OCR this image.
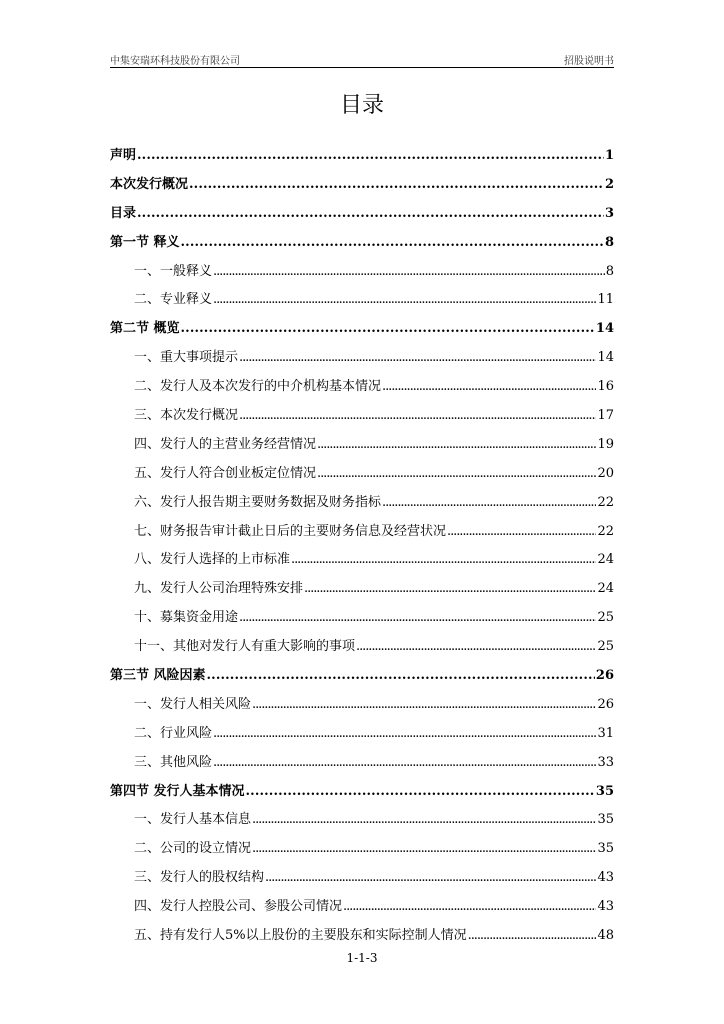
中集安瑞环科技股份有限公司	招股说明书
目录
声明 . . .	1
本次发行概况 . . .	2
目录 . . .	3
第一节 释义 . . .	8
一、一般释义 . . .	8
二、专业释义 . . .	11
第二节 概览 . . .	14
一、重大事项提示 . . .	14
二、发行人及本次发行的中介机构基本情况 . . .	16
三、本次发行概况 . . .	17
四、发行人的主营业务经营情况 . . .	19
五、发行人符合创业板定位情况 . . .	20
六、发行人报告期主要财务数据及财务指标 . . .	22
七、财务报告审计截止日后的主要财务信息及经营状况 . . .	22
八、发行人选择的上市标准 . . .	24
九、发行人公司治理特殊安排 . . .	24
十、募集资金用途 . . .	25
十一、其他对发行人有重大影响的事项 . . .	25
第三节 风险因素 . . .	26
一、发行人相关风险 . . .	26
二、行业风险 . . .	31
三、其他风险 . . .	33
第四节 发行人基本情况 . . .	35
一、发行人基本信息 . . .	35
二、公司的设立情况 . . .	35
三、发行人的股权结构 . . .	43
四、发行人控股公司、参股公司情况 . . .	43
五、持有发行人5%以上股份的主要股东和实际控制人情况 . . .	48
1-1-3
